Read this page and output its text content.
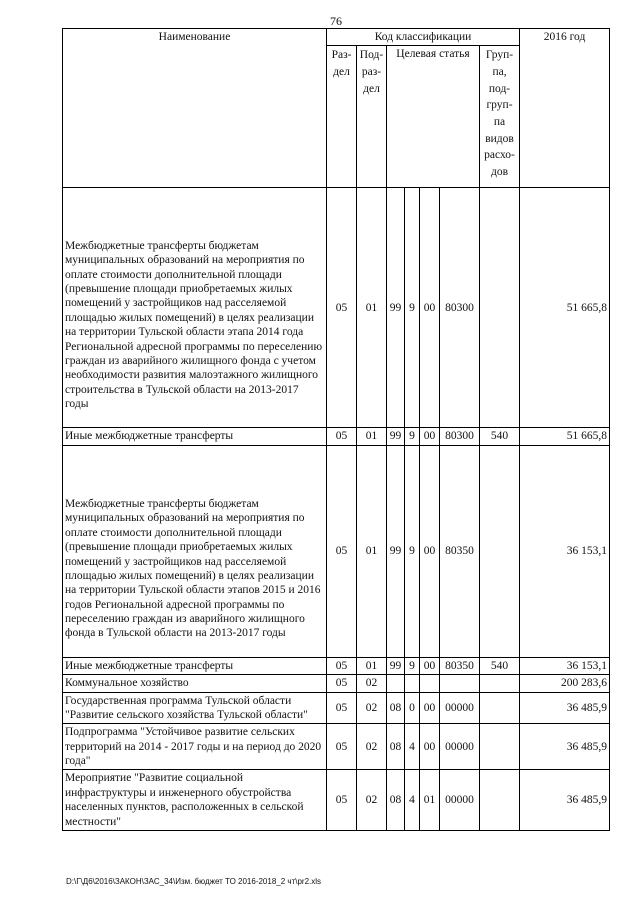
76
Наименование	Код классификации							2016 год
	Раз-дел	Под-раз-дел	Целевая статья				Груп-па, под-груп-па видов расхо-дов	
Межбюджетные трансферты бюджетам муниципальных образований на мероприятия по оплате стоимости дополнительной площади (превышение площади приобретаемых жилых помещений у застройщиков над расселяемой площадью жилых помещений) в целях реализации на территории Тульской области этапа 2014 года Региональной адресной программы по переселению граждан из аварийного жилищного фонда с учетом необходимости развития малоэтажного жилищного строительства в Тульской области на 2013-2017 годы	05	01	99	9	00	80300		51 665,8
Иные межбюджетные трансферты	05	01	99	9	00	80300	540	51 665,8
Межбюджетные трансферты бюджетам муниципальных образований на мероприятия по оплате стоимости дополнительной площади (превышение площади приобретаемых жилых помещений у застройщиков над расселяемой площадью жилых помещений) в целях реализации на территории Тульской области этапов 2015 и 2016 годов Региональной адресной программы по переселению граждан из аварийного жилищного фонда в Тульской области на 2013-2017 годы	05	01	99	9	00	80350		36 153,1
Иные межбюджетные трансферты	05	01	99	9	00	80350	540	36 153,1
Коммунальное хозяйство	05	02						200 283,6
Государственная программа Тульской области "Развитие сельского хозяйства Тульской области"	05	02	08	0	00	00000		36 485,9
Подпрограмма "Устойчивое развитие сельских территорий на 2014 - 2017 годы и на период до 2020 года"	05	02	08	4	00	00000		36 485,9
Мероприятие "Развитие социальной инфраструктуры и инженерного обустройства населенных пунктов, расположенных в сельской местности"	05	02	08	4	01	00000		36 485,9
D:\Г\Д6\2016\ЗАКОН\ЗАС_34\Изм. бюджет ТО 2016-2018_2 чт\pr2.xls
